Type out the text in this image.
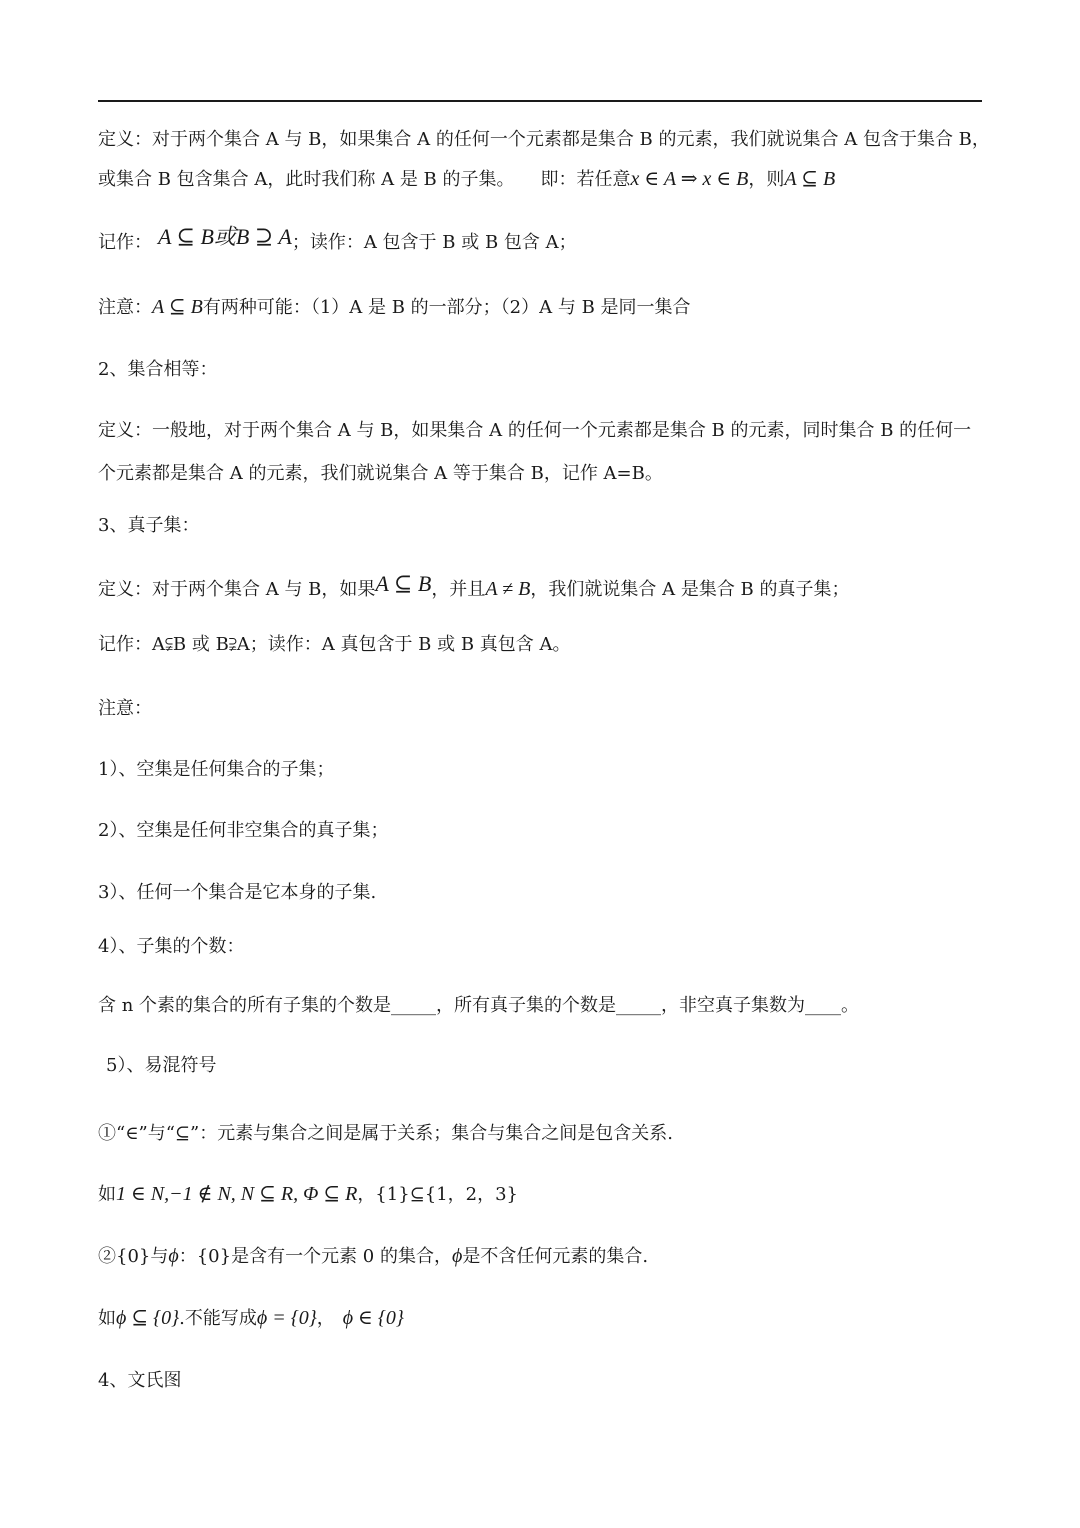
定义：对于两个集合 A 与 B，如果集合 A 的任何一个元素都是集合 B 的元素，我们就说集合 A 包含于集合 B，
或集合 B 包含集合 A，此时我们称 A 是 B 的子集。 即：若任意x ∈ A ⇒ x ∈ B，则A ⊆ B
记作： A ⊆ B或B ⊇ A；读作：A 包含于 B 或 B 包含 A；
注意：A ⊆ B有两种可能：（1）A 是 B 的一部分；（2）A 与 B 是同一集合
2、集合相等：
定义：一般地，对于两个集合 A 与 B，如果集合 A 的任何一个元素都是集合 B 的元素，同时集合 B 的任何一
个元素都是集合 A 的元素，我们就说集合 A 等于集合 B，记作 A=B。
3、真子集：
定义：对于两个集合 A 与 B，如果A ⊆ B，并且A ≠ B，我们就说集合 A 是集合 B 的真子集；
记作：A⫋B 或 B⫌A；读作：A 真包含于 B 或 B 真包含 A。
注意：
1）、空集是任何集合的子集；
2）、空集是任何非空集合的真子集；
3）、任何一个集合是它本身的子集.
4）、子集的个数：
含 n 个素的集合的所有子集的个数是_____，所有真子集的个数是_____，非空真子集数为____。
5）、易混符号
①“∈”与“⊆”：元素与集合之间是属于关系；集合与集合之间是包含关系.
如1 ∈ N,−1 ∉ N, N ⊆ R, Φ ⊆ R，{1}⊆{1，2，3}
②{0}与ϕ：{0}是含有一个元素 0 的集合，ϕ是不含任何元素的集合.
如ϕ ⊆ {0}.不能写成ϕ = {0}， ϕ ∈ {0}
4、文氏图
